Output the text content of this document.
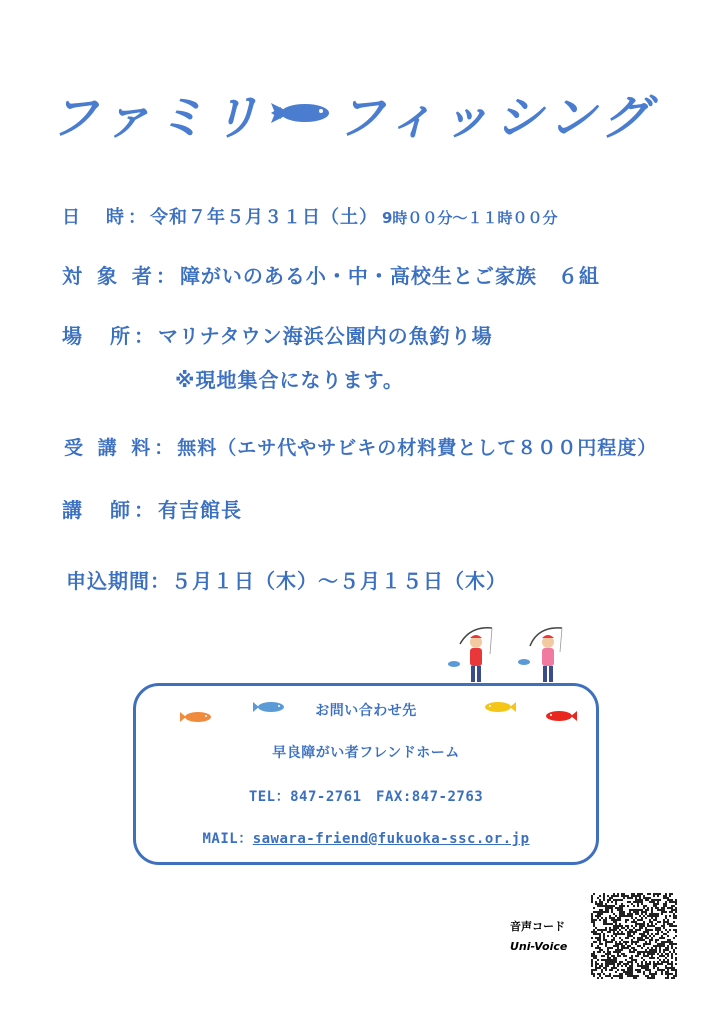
ファミリ フィッシング
日　時： 令和７年５月３１日（土） 9時００分～１１時００分
対 象 者： 障がいのある小・中・高校生とご家族　６組
場　所： マリナタウン海浜公園内の魚釣り場
※現地集合になります。
受 講 料： 無料（エサ代やサビキの材料費として８００円程度）
講　師： 有吉館長
申込期間： ５月１日（木）～５月１５日（木）
お問い合わせ先
早良障がい者フレンドホーム
TEL：847-2761　FAX:847-2763
MAIL：sawara-friend@fukuoka-ssc.or.jp
音声コード
Uni-Voice
